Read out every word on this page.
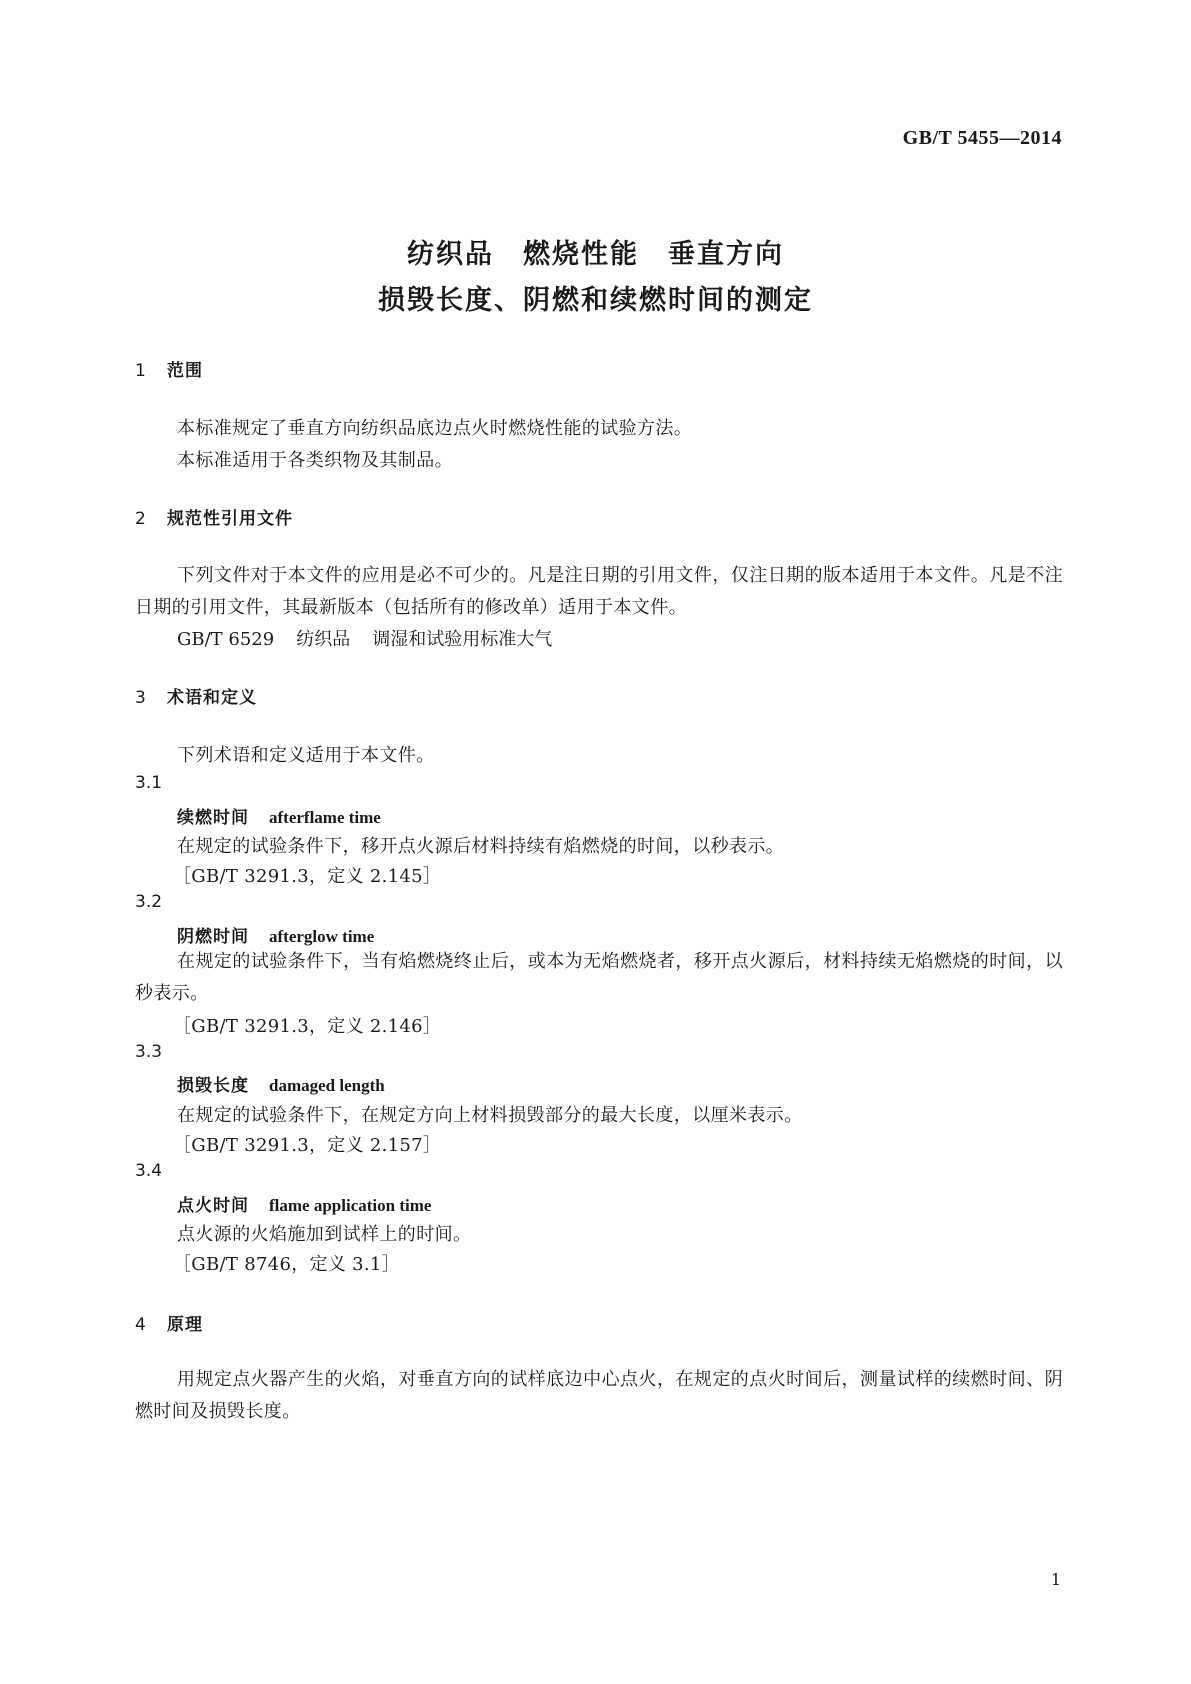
GB/T 5455—2014
纺织品　燃烧性能　垂直方向
损毁长度、阴燃和续燃时间的测定
1 范围
本标准规定了垂直方向纺织品底边点火时燃烧性能的试验方法。
本标准适用于各类织物及其制品。
2 规范性引用文件
下列文件对于本文件的应用是必不可少的。凡是注日期的引用文件，仅注日期的版本适用于本文件。凡是不注日期的引用文件，其最新版本（包括所有的修改单）适用于本文件。
GB/T 6529 纺织品 调湿和试验用标准大气
3 术语和定义
下列术语和定义适用于本文件。
3.1
续燃时间 afterflame time
在规定的试验条件下，移开点火源后材料持续有焰燃烧的时间，以秒表示。
［GB/T 3291.3，定义 2.145］
3.2
阴燃时间 afterglow time
在规定的试验条件下，当有焰燃烧终止后，或本为无焰燃烧者，移开点火源后，材料持续无焰燃烧的时间，以秒表示。
［GB/T 3291.3，定义 2.146］
3.3
损毁长度 damaged length
在规定的试验条件下，在规定方向上材料损毁部分的最大长度，以厘米表示。
［GB/T 3291.3，定义 2.157］
3.4
点火时间 flame application time
点火源的火焰施加到试样上的时间。
［GB/T 8746，定义 3.1］
4 原理
用规定点火器产生的火焰，对垂直方向的试样底边中心点火，在规定的点火时间后，测量试样的续燃时间、阴燃时间及损毁长度。
1
